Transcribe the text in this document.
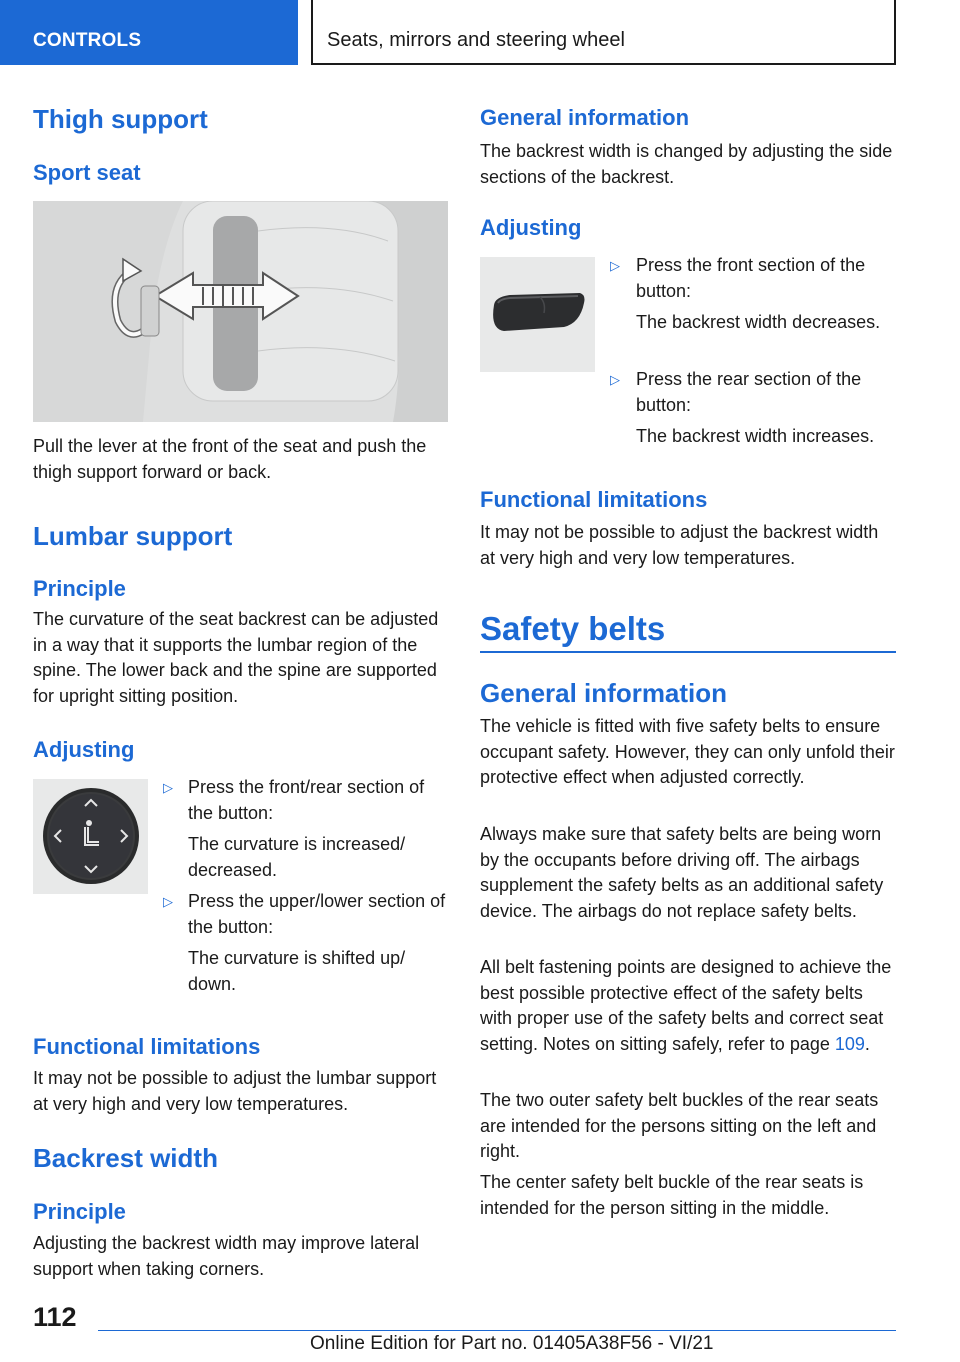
CONTROLS	Seats, mirrors and steering wheel
Thigh support
Sport seat
Pull the lever at the front of the seat and push the thigh support forward or back.
Lumbar support
Principle
The curvature of the seat backrest can be adjusted in a way that it supports the lumbar region of the spine. The lower back and the spine are supported for upright sitting position.
Adjusting
▷ Press the front/rear section of the button:
The curvature is increased/ decreased.
▷ Press the upper/lower section of the button:
The curvature is shifted up/ down.
Functional limitations
It may not be possible to adjust the lumbar support at very high and very low temperatures.
Backrest width
Principle
Adjusting the backrest width may improve lateral support when taking corners.
General information
The backrest width is changed by adjusting the side sections of the backrest.
Adjusting
▷ Press the front section of the button:
The backrest width decreases.
▷ Press the rear section of the button:
The backrest width increases.
Functional limitations
It may not be possible to adjust the backrest width at very high and very low temperatures.
Safety belts
General information
The vehicle is fitted with five safety belts to ensure occupant safety. However, they can only unfold their protective effect when adjusted correctly.
Always make sure that safety belts are being worn by the occupants before driving off. The airbags supplement the safety belts as an additional safety device. The airbags do not replace safety belts.
All belt fastening points are designed to achieve the best possible protective effect of the safety belts with proper use of the safety belts and correct seat setting. Notes on sitting safely, refer to page 109.
The two outer safety belt buckles of the rear seats are intended for the persons sitting on the left and right.
The center safety belt buckle of the rear seats is intended for the person sitting in the middle.
112
Online Edition for Part no. 01405A38F56 - VI/21
